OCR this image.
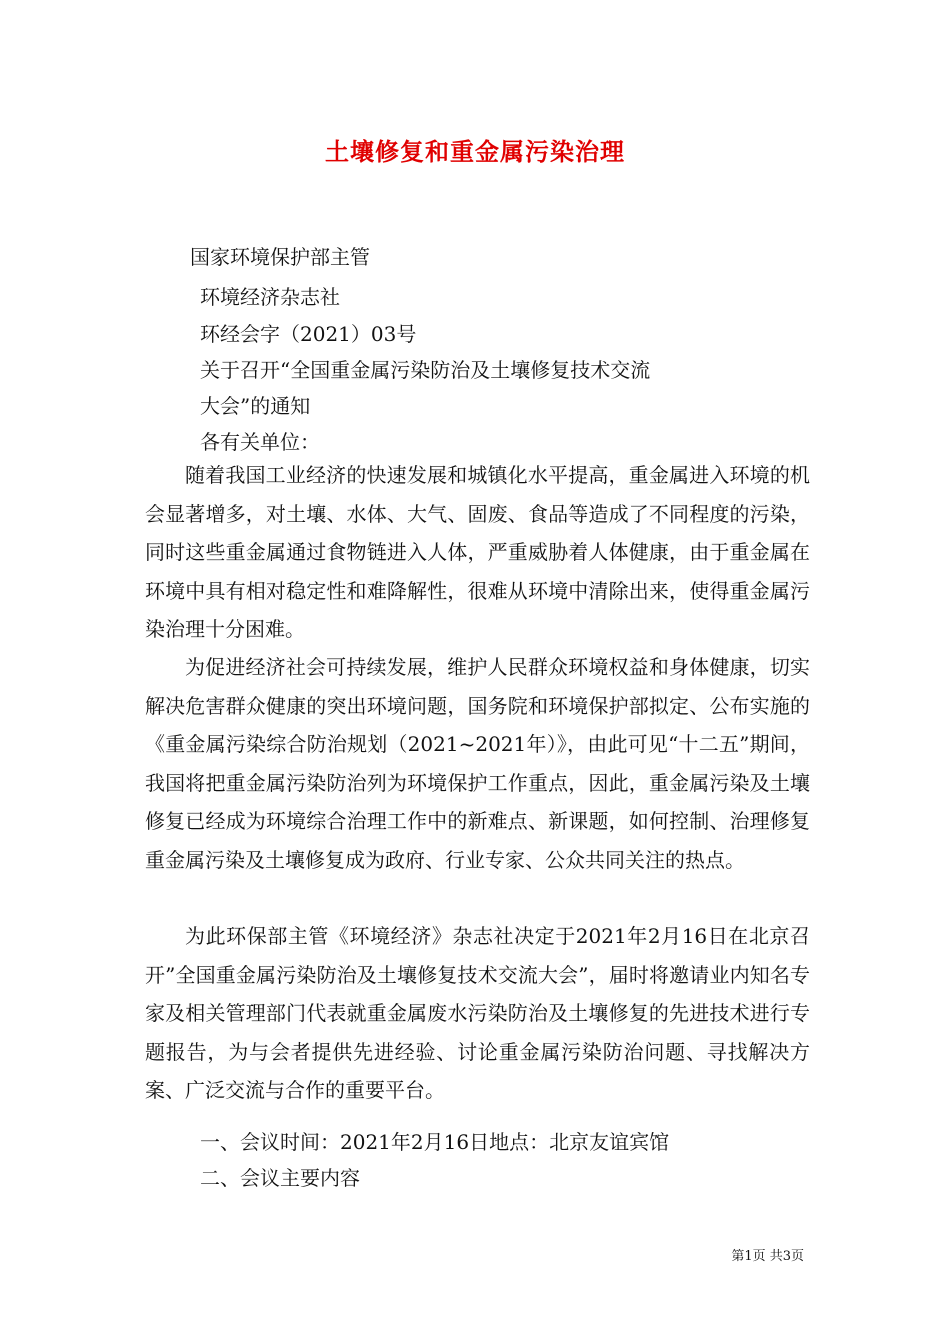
土壤修复和重金属污染治理
国家环境保护部主管
环境经济杂志社
环经会字（2021）03号
关于召开“全国重金属污染防治及土壤修复技术交流
大会”的通知
各有关单位：

随着我国工业经济的快速发展和城镇化水平提高，重金属进入环境的机会显著增多，对土壤、水体、大气、固废、食品等造成了不同程度的污染，同时这些重金属通过食物链进入人体，严重威胁着人体健康，由于重金属在环境中具有相对稳定性和难降解性，很难从环境中清除出来，使得重金属污染治理十分困难。

为促进经济社会可持续发展，维护人民群众环境权益和身体健康，切实解决危害群众健康的突出环境问题，国务院和环境保护部拟定、公布实施的《重金属污染综合防治规划（2021~2021年）》，由此可见“十二五”期间，我国将把重金属污染防治列为环境保护工作重点，因此，重金属污染及土壤修复已经成为环境综合治理工作中的新难点、新课题，如何控制、治理修复重金属污染及土壤修复成为政府、行业专家、公众共同关注的热点。

为此环保部主管《环境经济》杂志社决定于2021年2月16日在北京召开”全国重金属污染防治及土壤修复技术交流大会”，届时将邀请业内知名专家及相关管理部门代表就重金属废水污染防治及土壤修复的先进技术进行专题报告，为与会者提供先进经验、讨论重金属污染防治问题、寻找解决方案、广泛交流与合作的重要平台。

一、会议时间：2021年2月16日地点：北京友谊宾馆
二、会议主要内容
第1页 共3页
